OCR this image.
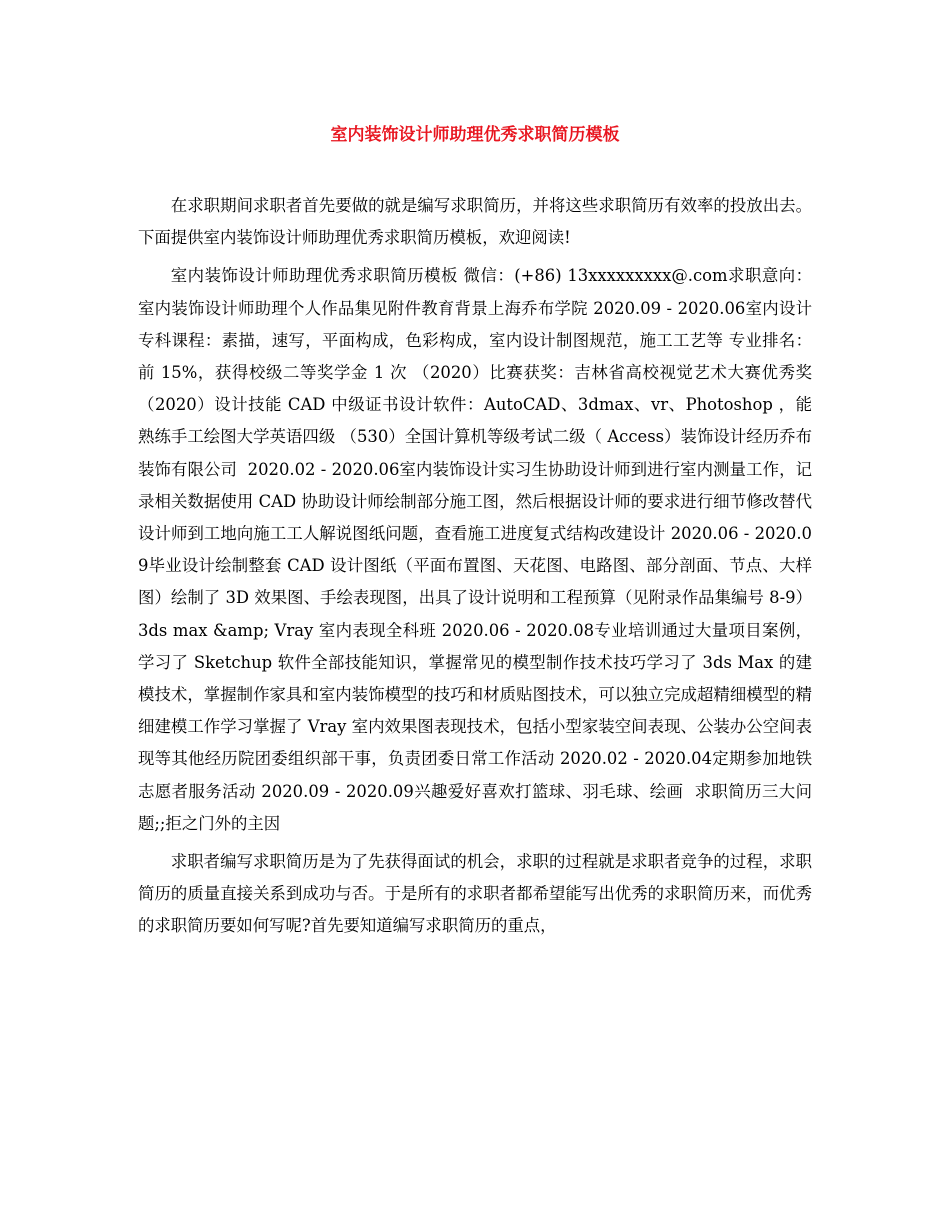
室内装饰设计师助理优秀求职简历模板

在求职期间求职者首先要做的就是编写求职简历，并将这些求职简历有效率的投放出去。下面提供室内装饰设计师助理优秀求职简历模板，欢迎阅读!

室内装饰设计师助理优秀求职简历模板 微信：(+86) 13xxxxxxxxx@.com求职意向：室内装饰设计师助理个人作品集见附件教育背景上海乔布学院 2020.09 - 2020.06室内设计专科课程：素描，速写，平面构成，色彩构成，室内设计制图规范，施工工艺等 专业排名：前 15%，获得校级二等奖学金 1 次 （2020）比赛获奖：吉林省高校视觉艺术大赛优秀奖（2020）设计技能 CAD 中级证书设计软件：AutoCAD、3dmax、vr、Photoshop ，能熟练手工绘图大学英语四级 （530）全国计算机等级考试二级（ Access）装饰设计经历乔布装饰有限公司  2020.02 - 2020.06室内装饰设计实习生协助设计师到进行室内测量工作，记录相关数据使用 CAD 协助设计师绘制部分施工图，然后根据设计师的要求进行细节修改替代设计师到工地向施工工人解说图纸问题，查看施工进度复式结构改建设计 2020.06 - 2020.09毕业设计绘制整套 CAD 设计图纸（平面布置图、天花图、电路图、部分剖面、节点、大样图）绘制了 3D 效果图、手绘表现图，出具了设计说明和工程预算（见附录作品集编号 8-9）3ds max &amp; Vray 室内表现全科班 2020.06 - 2020.08专业培训通过大量项目案例，学习了 Sketchup 软件全部技能知识，掌握常见的模型制作技术技巧学习了 3ds Max 的建模技术，掌握制作家具和室内装饰模型的技巧和材质贴图技术，可以独立完成超精细模型的精细建模工作学习掌握了 Vray 室内效果图表现技术，包括小型家装空间表现、公装办公空间表现等其他经历院团委组织部干事，负责团委日常工作活动 2020.02 - 2020.04定期参加地铁志愿者服务活动 2020.09 - 2020.09兴趣爱好喜欢打篮球、羽毛球、绘画  求职简历三大问题;;拒之门外的主因

求职者编写求职简历是为了先获得面试的机会，求职的过程就是求职者竞争的过程，求职简历的质量直接关系到成功与否。于是所有的求职者都希望能写出优秀的求职简历来，而优秀的求职简历要如何写呢?首先要知道编写求职简历的重点，
